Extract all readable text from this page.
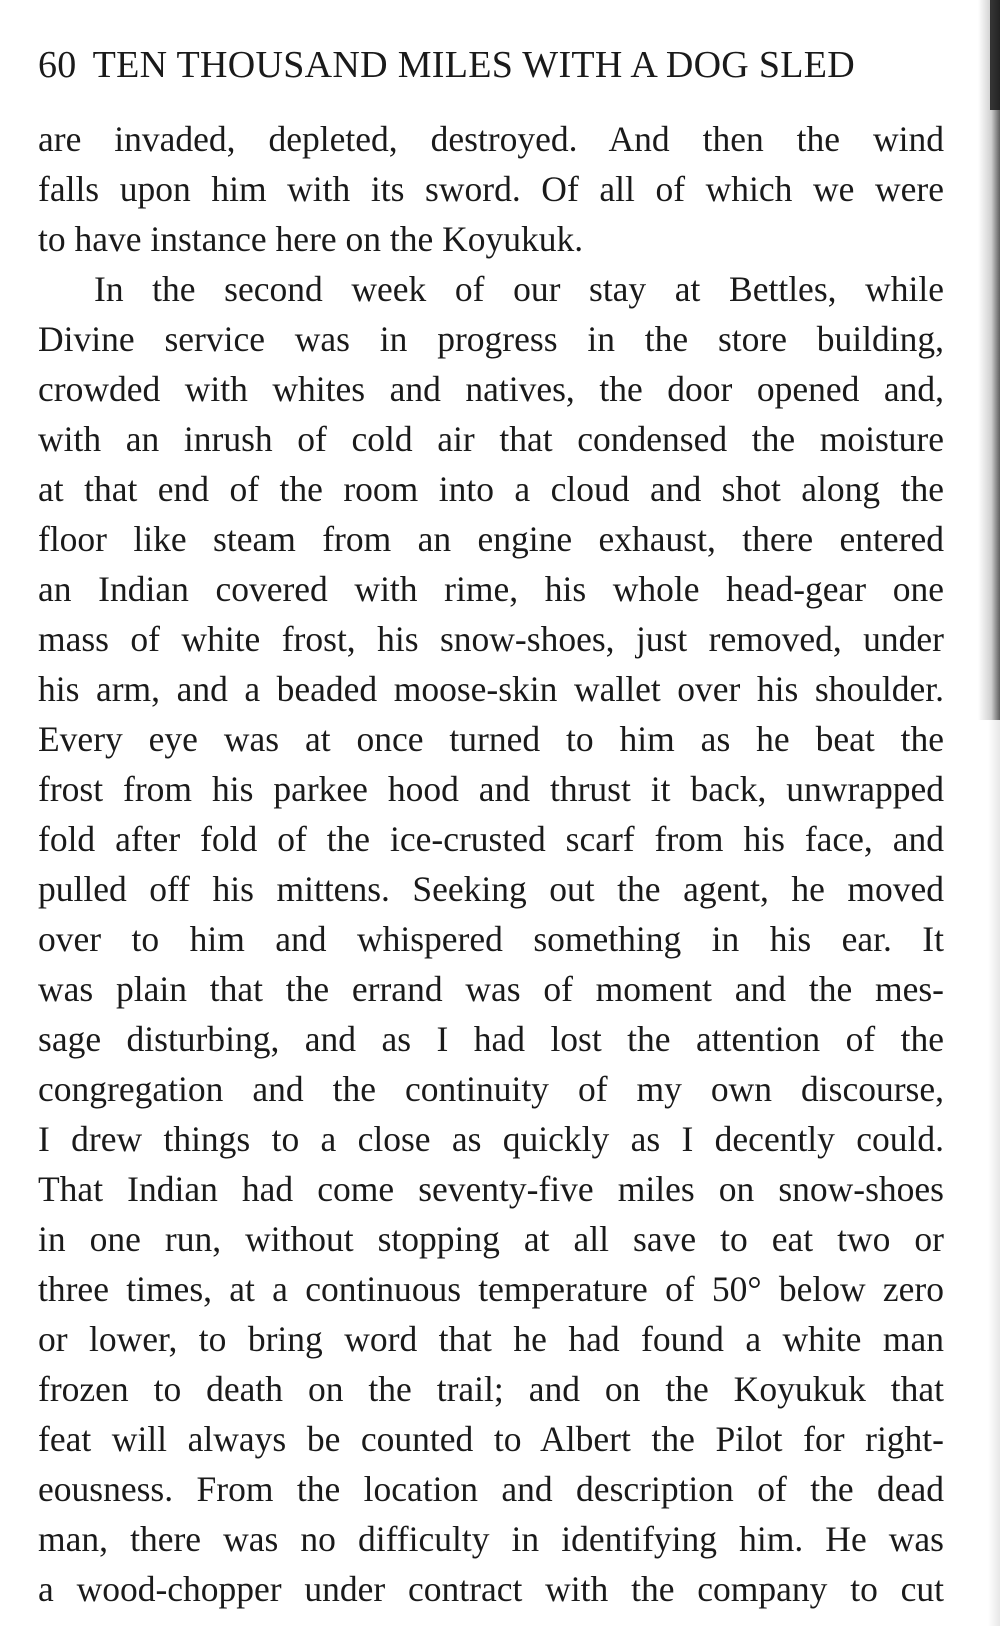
60 TEN THOUSAND MILES WITH A DOG SLED
are invaded, depleted, destroyed. And then the wind
falls upon him with its sword. Of all of which we were
to have instance here on the Koyukuk.
In the second week of our stay at Bettles, while
Divine service was in progress in the store building,
crowded with whites and natives, the door opened and,
with an inrush of cold air that condensed the moisture
at that end of the room into a cloud and shot along the
floor like steam from an engine exhaust, there entered
an Indian covered with rime, his whole head-gear one
mass of white frost, his snow-shoes, just removed, under
his arm, and a beaded moose-skin wallet over his shoulder.
Every eye was at once turned to him as he beat the
frost from his parkee hood and thrust it back, unwrapped
fold after fold of the ice-crusted scarf from his face, and
pulled off his mittens. Seeking out the agent, he moved
over to him and whispered something in his ear. It
was plain that the errand was of moment and the mes-
sage disturbing, and as I had lost the attention of the
congregation and the continuity of my own discourse,
I drew things to a close as quickly as I decently could.
That Indian had come seventy-five miles on snow-shoes
in one run, without stopping at all save to eat two or
three times, at a continuous temperature of 50° below zero
or lower, to bring word that he had found a white man
frozen to death on the trail; and on the Koyukuk that
feat will always be counted to Albert the Pilot for right-
eousness. From the location and description of the dead
man, there was no difficulty in identifying him. He was
a wood-chopper under contract with the company to cut
